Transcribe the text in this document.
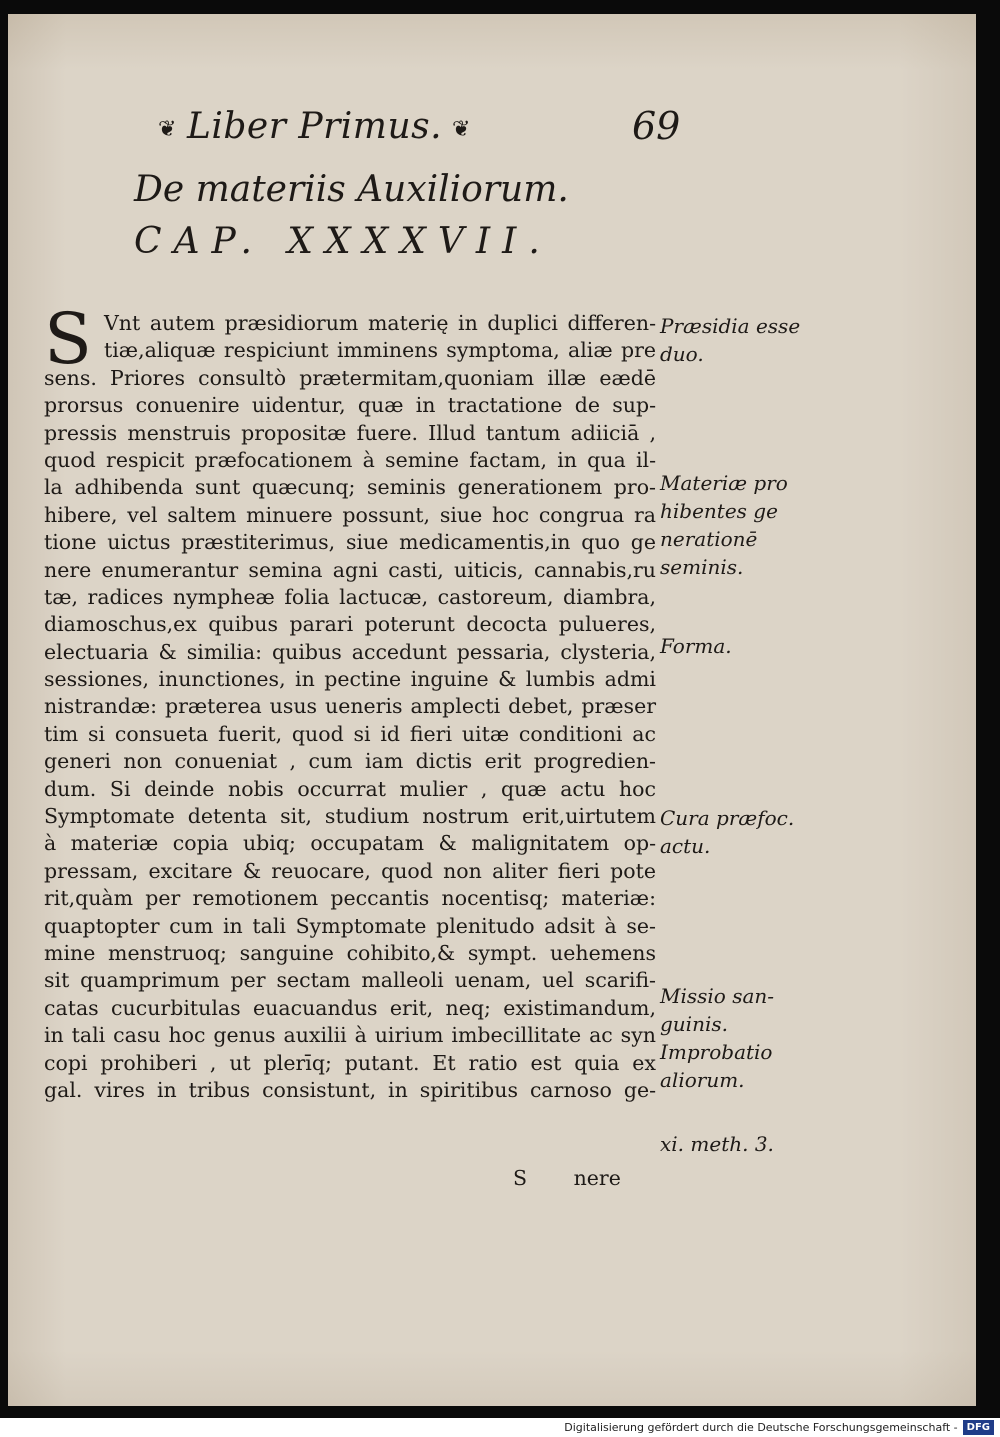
❦ Liber Primus. ❦	69
De materiis Auxiliorum.
CAP. XXXXVII.
S Vnt autem præsidiorum materię in duplici differen-
tiæ,aliquæ respiciunt imminens symptoma, aliæ pre
sens. Priores consultò prætermitam,quoniam illæ eædē
prorsus conuenire uidentur, quæ in tractatione de sup-
pressis menstruis propositæ fuere. Illud tantum adiiciā ,
quod respicit præfocationem à semine factam, in qua il-
la adhibenda sunt quæcunq; seminis generationem pro-
hibere, vel saltem minuere possunt, siue hoc congrua ra
tione uictus præstiterimus, siue medicamentis,in quo ge
nere enumerantur semina agni casti, uiticis, cannabis,ru
tæ, radices nympheæ folia lactucæ, castoreum, diambra,
diamoschus,ex quibus parari poterunt decocta pulueres,
electuaria & similia: quibus accedunt pessaria, clysteria,
sessiones, inunctiones, in pectine inguine & lumbis admi
nistrandæ: præterea usus ueneris amplecti debet, præser
tim si consueta fuerit, quod si id fieri uitæ conditioni ac
generi non conueniat , cum iam dictis erit progredien-
dum. Si deinde nobis occurrat mulier , quæ actu hoc
Symptomate detenta sit, studium nostrum erit,uirtutem
à materiæ copia ubiq; occupatam & malignitatem op-
pressam, excitare & reuocare, quod non aliter fieri pote
rit,quàm per remotionem peccantis nocentisq; materiæ:
quaptopter cum in tali Symptomate plenitudo adsit à se-
mine menstruoq; sanguine cohibito,& sympt. uehemens
sit quamprimum per sectam malleoli uenam, uel scarifi-
catas cucurbitulas euacuandus erit, neq; existimandum,
in tali casu hoc genus auxilii à uirium imbecillitate ac syn
copi prohiberi , ut plerīq; putant. Et ratio est quia ex
gal. vires in tribus consistunt, in spiritibus carnoso ge-
S nere
Præsidia esse
duo.
Materiæ pro
hibentes ge
nerationē
seminis.
Forma.
Cura præfoc.
actu.
Missio san-
guinis.
Improbatio
aliorum.
xi. meth. 3.
Digitalisierung gefördert durch die Deutsche Forschungsgemeinschaft - DFG
